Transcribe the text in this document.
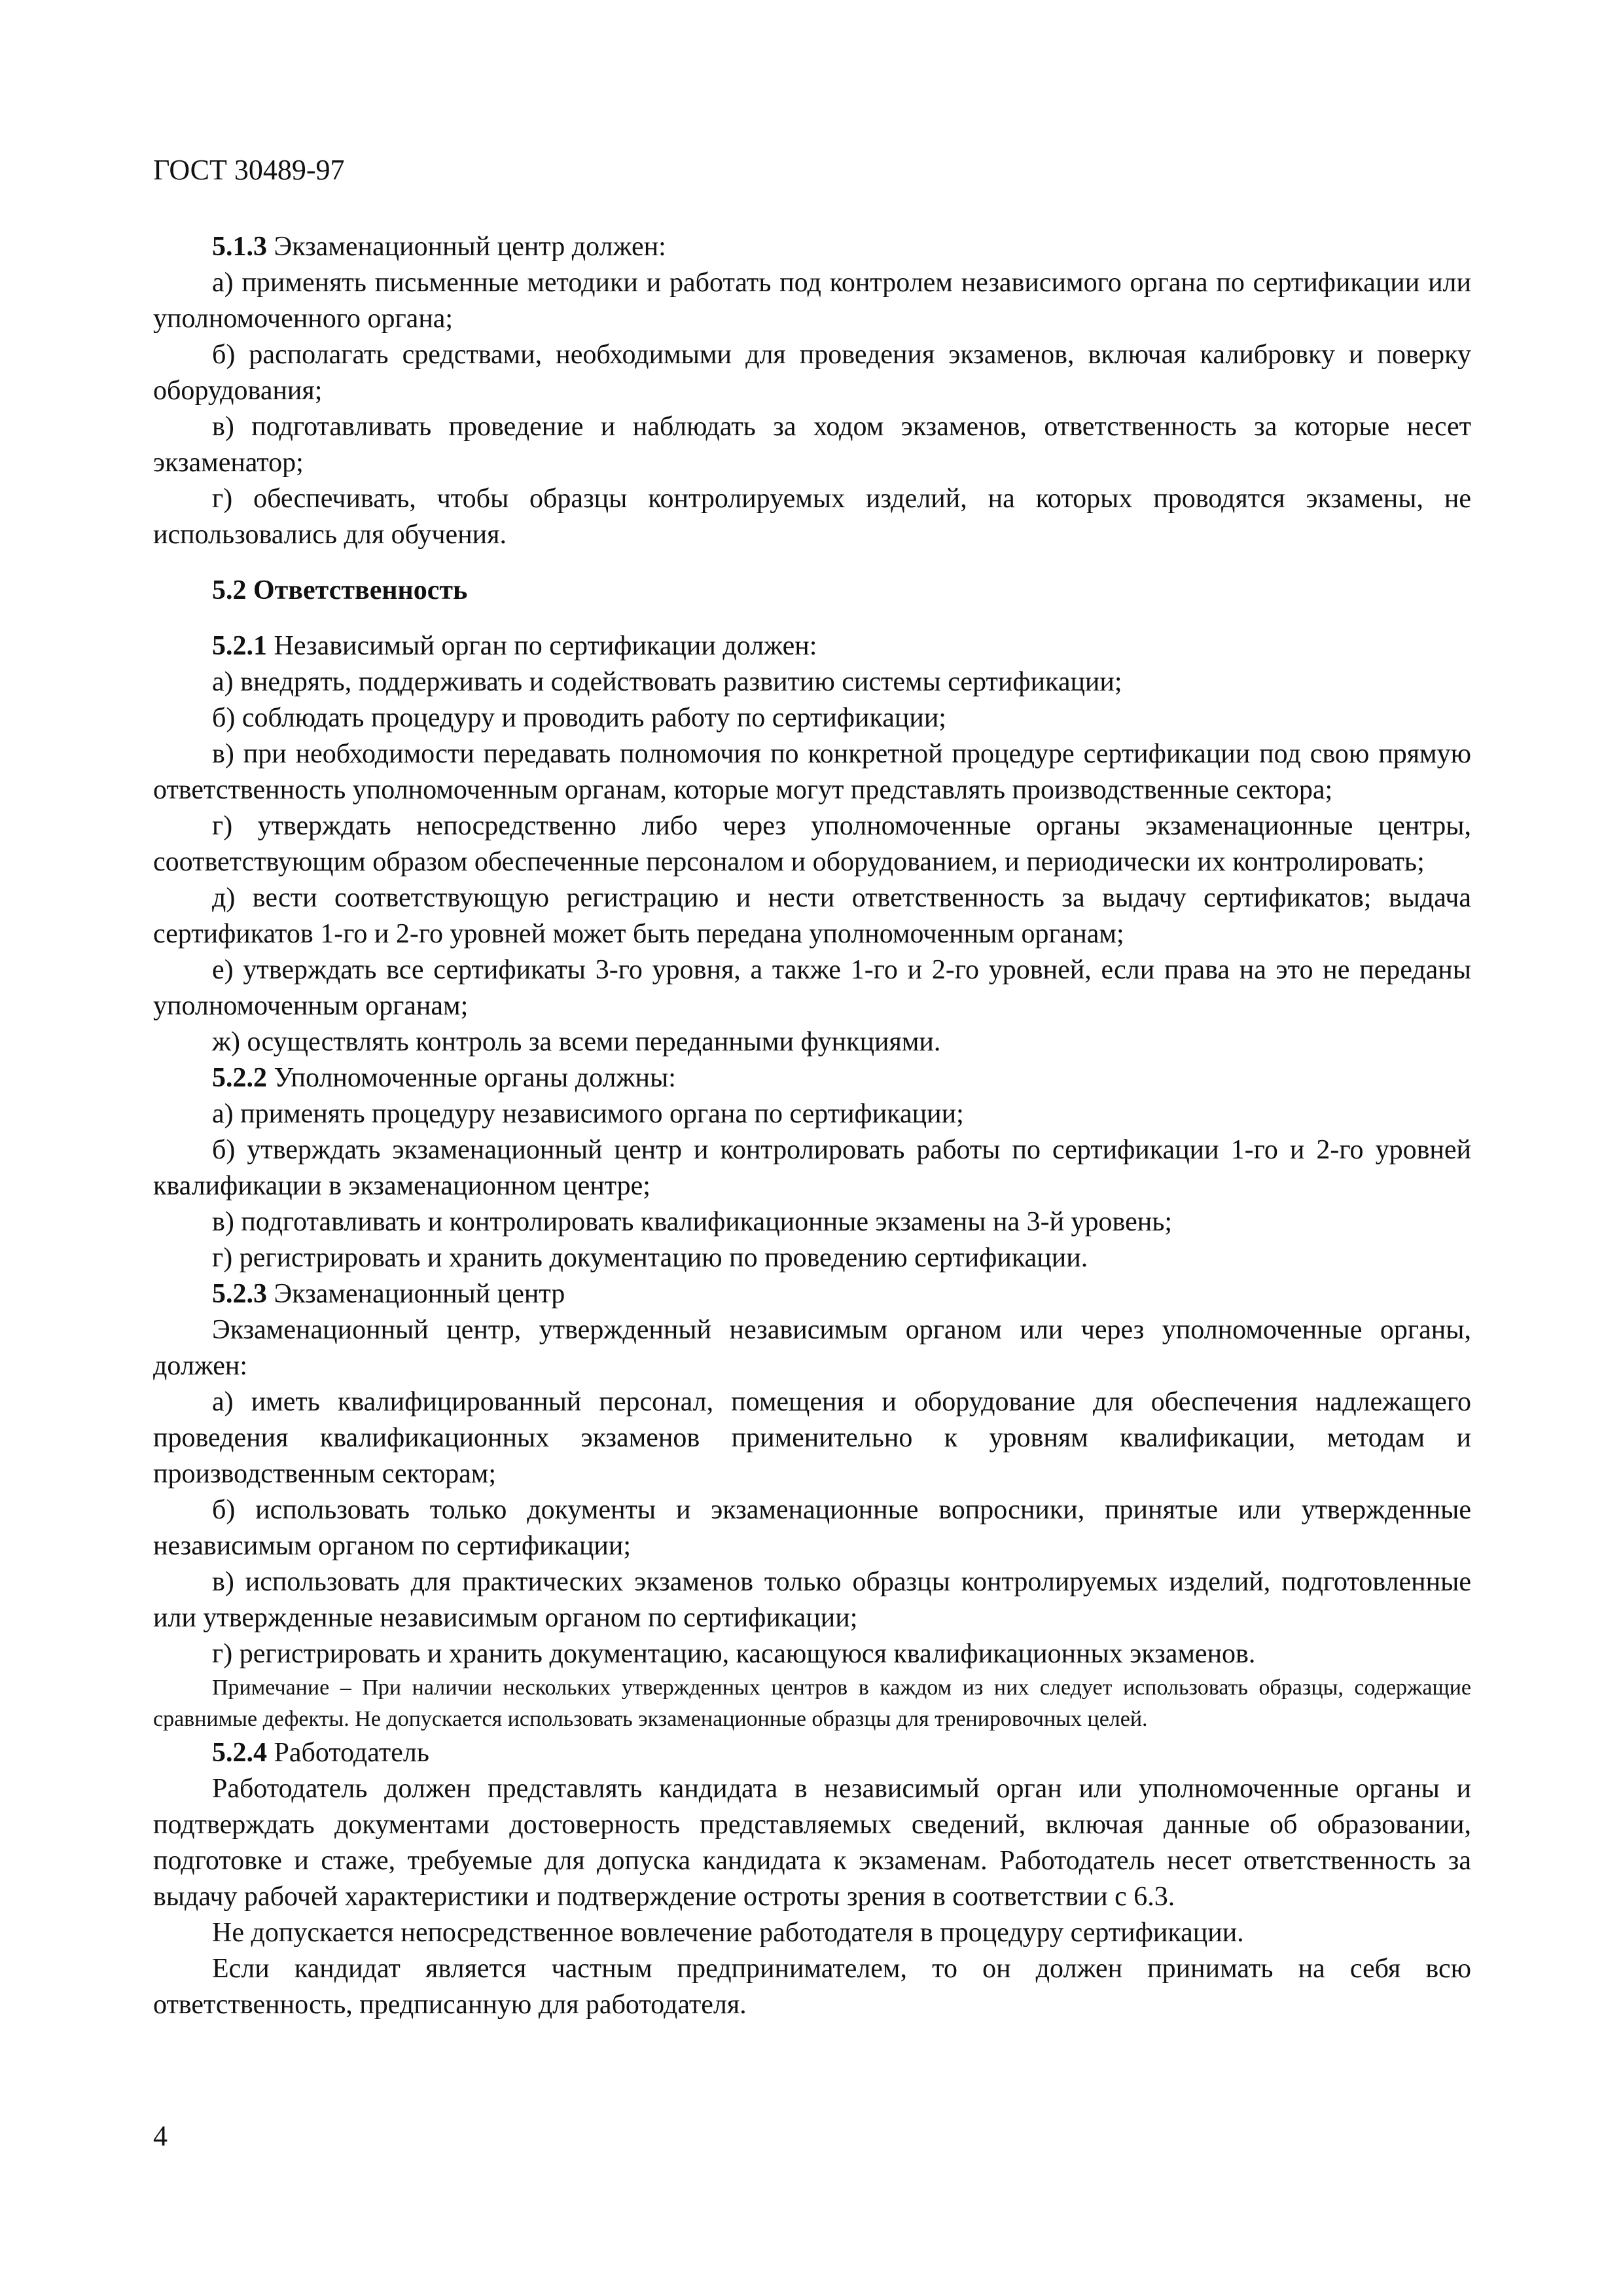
ГОСТ 30489-97

5.1.3 Экзаменационный центр должен:

а) применять письменные методики и работать под контролем независимого органа по сертификации или уполномоченного органа;

б) располагать средствами, необходимыми для проведения экзаменов, включая калибровку и поверку оборудования;

в) подготавливать проведение и наблюдать за ходом экзаменов, ответственность за которые несет экзаменатор;

г) обеспечивать, чтобы образцы контролируемых изделий, на которых проводятся экзамены, не использовались для обучения.

5.2 Ответственность

5.2.1 Независимый орган по сертификации должен:

а) внедрять, поддерживать и содействовать развитию системы сертификации;

б) соблюдать процедуру и проводить работу по сертификации;

в) при необходимости передавать полномочия по конкретной процедуре сертификации под свою прямую ответственность уполномоченным органам, которые могут представлять производственные сектора;

г) утверждать непосредственно либо через уполномоченные органы экзаменационные центры, соответствующим образом обеспеченные персоналом и оборудованием, и периодически их контролировать;

д) вести соответствующую регистрацию и нести ответственность за выдачу сертификатов; выдача сертификатов 1-го и 2-го уровней может быть передана уполномоченным органам;

е) утверждать все сертификаты 3-го уровня, а также 1-го и 2-го уровней, если права на это не переданы уполномоченным органам;

ж) осуществлять контроль за всеми переданными функциями.

5.2.2 Уполномоченные органы должны:

а) применять процедуру независимого органа по сертификации;

б) утверждать экзаменационный центр и контролировать работы по сертификации 1-го и 2-го уровней квалификации в экзаменационном центре;

в) подготавливать и контролировать квалификационные экзамены на 3-й уровень;

г) регистрировать и хранить документацию по проведению сертификации.

5.2.3 Экзаменационный центр

Экзаменационный центр, утвержденный независимым органом или через уполномоченные органы, должен:

а) иметь квалифицированный персонал, помещения и оборудование для обеспечения надлежащего проведения квалификационных экзаменов применительно к уровням квалификации, методам и производственным секторам;

б) использовать только документы и экзаменационные вопросники, принятые или утвержденные независимым органом по сертификации;

в) использовать для практических экзаменов только образцы контролируемых изделий, подготовленные или утвержденные независимым органом по сертификации;

г) регистрировать и хранить документацию, касающуюся квалификационных экзаменов.

Примечание – При наличии нескольких утвержденных центров в каждом из них следует использовать образцы, содержащие сравнимые дефекты. Не допускается использовать экзаменационные образцы для тренировочных целей.

5.2.4 Работодатель

Работодатель должен представлять кандидата в независимый орган или уполномоченные органы и подтверждать документами достоверность представляемых сведений, включая данные об образовании, подготовке и стаже, требуемые для допуска кандидата к экзаменам. Работодатель несет ответственность за выдачу рабочей характеристики и подтверждение остроты зрения в соответствии с 6.3.

Не допускается непосредственное вовлечение работодателя в процедуру сертификации.

Если кандидат является частным предпринимателем, то он должен принимать на себя всю ответственность, предписанную для работодателя.

4
